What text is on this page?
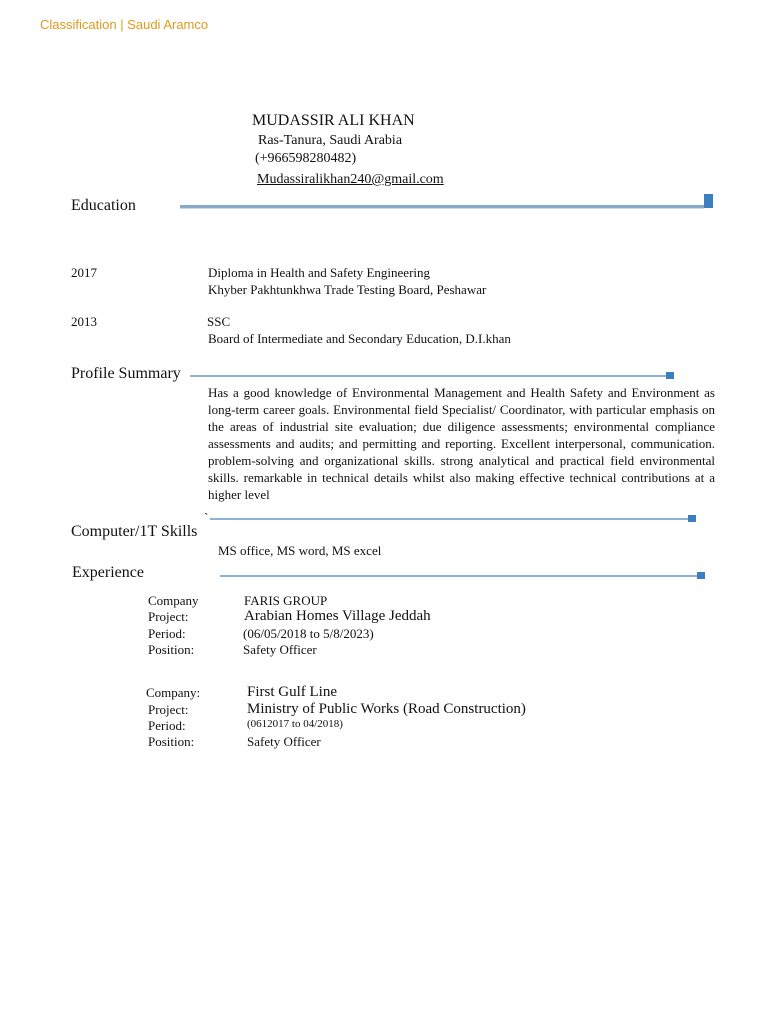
Classification | Saudi Aramco
MUDASSIR ALI KHAN
Ras-Tanura, Saudi Arabia
(+966598280482)
Mudassiralikhan240@gmail.com
Education
2017	Diploma in Health and Safety Engineering
Khyber Pakhtunkhwa Trade Testing Board, Peshawar
2013	SSC
Board of Intermediate and Secondary Education, D.I.khan
Profile Summary
Has a good knowledge of Environmental Management and Health Safety and Environment as long-term career goals. Environmental field Specialist/ Coordinator, with particular emphasis on the areas of industrial site evaluation; due diligence assessments; environmental compliance assessments and audits; and permitting and reporting. Excellent interpersonal, communication. problem-solving and organizational skills. strong analytical and practical field environmental skills. remarkable in technical details whilst also making effective technical contributions at a higher level
Computer/1T Skills
`
MS office, MS word, MS excel
Experience
Company	FARIS GROUP
Project:	Arabian Homes Village Jeddah
Period:	(06/05/2018 to 5/8/2023)
Position:	Safety Officer
Company:	First Gulf Line
Project:	Ministry of Public Works (Road Construction)
Period:	(0612017 to 04/2018)
Position:	Safety Officer
